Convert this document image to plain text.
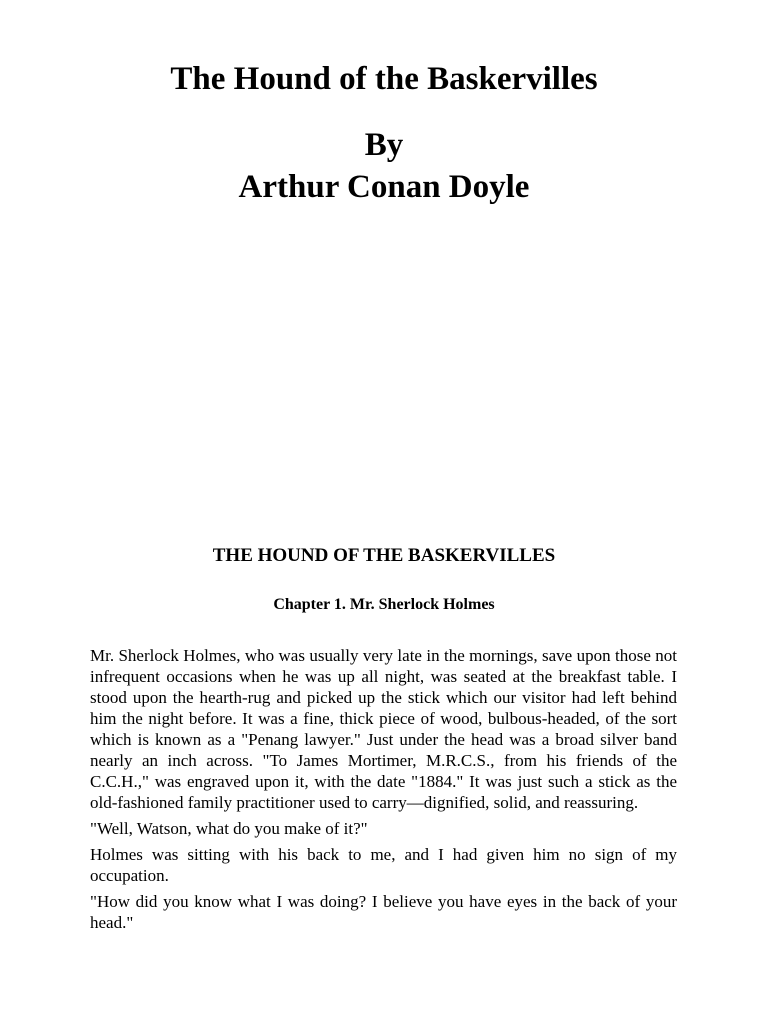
The Hound of the Baskervilles
By
Arthur Conan Doyle
THE HOUND OF THE BASKERVILLES
Chapter 1. Mr. Sherlock Holmes

Mr. Sherlock Holmes, who was usually very late in the mornings, save upon those not infrequent occasions when he was up all night, was seated at the breakfast table. I stood upon the hearth-rug and picked up the stick which our visitor had left behind him the night before. It was a fine, thick piece of wood, bulbous-headed, of the sort which is known as a "Penang lawyer." Just under the head was a broad silver band nearly an inch across. "To James Mortimer, M.R.C.S., from his friends of the C.C.H.," was engraved upon it, with the date "1884." It was just such a stick as the old-fashioned family practitioner used to carry—dignified, solid, and reassuring.

"Well, Watson, what do you make of it?"

Holmes was sitting with his back to me, and I had given him no sign of my occupation.

"How did you know what I was doing? I believe you have eyes in the back of your head."
